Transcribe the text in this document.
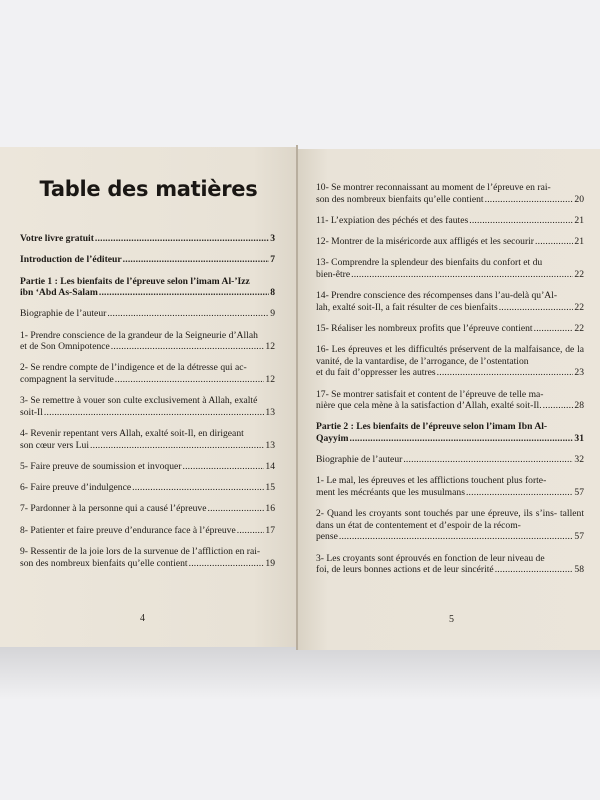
Table des matières
Votre livre gratuit .....	3
Introduction de l’éditeur .....	7
Partie 1 : Les bienfaits de l’épreuve selon l’imam Al-’Izz
ibn ‘Abd As-Salam .....	8
Biographie de l’auteur .....	9
1- Prendre conscience de la grandeur de la Seigneurie d’Allah
et de Son Omnipotence .....	12
2- Se rendre compte de l’indigence et de la détresse qui ac-
compagnent la servitude .....	12
3- Se remettre à vouer son culte exclusivement à Allah, exalté
soit-Il .....	13
4- Revenir repentant vers Allah, exalté soit-Il, en dirigeant
son cœur vers Lui .....	13
5- Faire preuve de soumission et invoquer .....	14
6- Faire preuve d’indulgence .....	15
7- Pardonner à la personne qui a causé l’épreuve .....	16
8- Patienter et faire preuve d’endurance face à l’épreuve .....	17
9- Ressentir de la joie lors de la survenue de l’affliction en rai-
son des nombreux bienfaits qu’elle contient .....	19
4
10- Se montrer reconnaissant au moment de l’épreuve en rai-
son des nombreux bienfaits qu’elle contient .....	20
11- L’expiation des péchés et des fautes .....	21
12- Montrer de la miséricorde aux affligés et les secourir .....	21
13- Comprendre la splendeur des bienfaits du confort et du
bien-être .....	22
14- Prendre conscience des récompenses dans l’au-delà qu’Al-
lah, exalté soit-Il, a fait résulter de ces bienfaits .....	22
15- Réaliser les nombreux profits que l’épreuve contient .....	22
16- Les épreuves et les difficultés préservent de la malfaisance, de la vanité, de la vantardise, de l’arrogance, de l’ostentation
et du fait d’oppresser les autres .....	23
17- Se montrer satisfait et content de l’épreuve de telle ma-
nière que cela mène à la satisfaction d’Allah, exalté soit-Il. .....	28
Partie 2 : Les bienfaits de l’épreuve selon l’imam Ibn Al-
Qayyim .....	31
Biographie de l’auteur .....	32
1- Le mal, les épreuves et les afflictions touchent plus forte-
ment les mécréants que les musulmans .....	57
2- Quand les croyants sont touchés par une épreuve, ils s’ins- tallent dans un état de contentement et d’espoir de la récom-
pense .....	57
3- Les croyants sont éprouvés en fonction de leur niveau de
foi, de leurs bonnes actions et de leur sincérité .....	58
5
